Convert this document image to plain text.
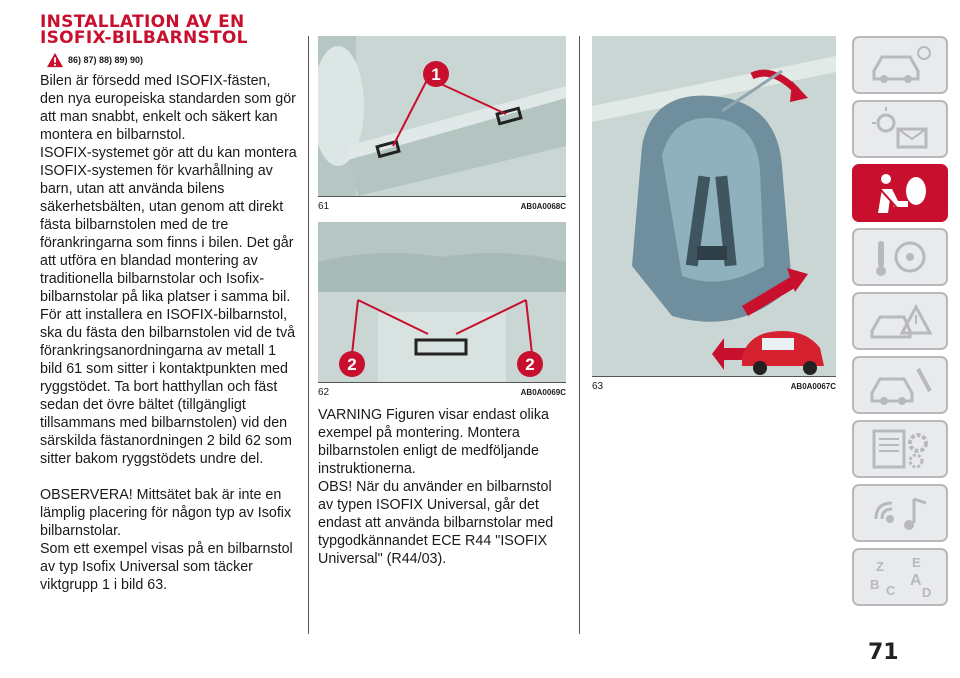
INSTALLATION AV EN
ISOFIX-BILBARNSTOL
86) 87) 88) 89) 90)

Bilen är försedd med ISOFIX-fästen, den nya europeiska standarden som gör att man snabbt, enkelt och säkert kan montera en bilbarnstol.

ISOFIX-systemet gör att du kan montera ISOFIX-systemen för kvarhållning av barn, utan att använda bilens säkerhetsbälten, utan genom att direkt fästa bilbarnstolen med de tre förankringarna som finns i bilen. Det går att utföra en blandad montering av traditionella bilbarnstolar och Isofix-bilbarnstolar på lika platser i samma bil.

För att installera en ISOFIX-bilbarnstol, ska du fästa den bilbarnstolen vid de två förankringsanordningarna av metall 1 bild 61 som sitter i kontaktpunkten med ryggstödet. Ta bort hatthyllan och fäst sedan det övre bältet (tillgängligt tillsammans med bilbarnstolen) vid den särskilda fästanordningen 2 bild 62 som sitter bakom ryggstödets undre del.

OBSERVERA! Mittsätet bak är inte en lämplig placering för någon typ av Isofix bilbarnstolar.

Som ett exempel visas på en bilbarnstol av typ Isofix Universal som täcker viktgrupp 1 i bild 63.

1
61	AB0A0068C
2	2
62	AB0A0069C

VARNING Figuren visar endast olika exempel på montering. Montera bilbarnstolen enligt de medföljande instruktionerna.

OBS! När du använder en bilbarnstol av typen ISOFIX Universal, går det endast att använda bilbarnstolar med typgodkännandet ECE R44 "ISOFIX Universal" (R44/03).

63	AB0A0067C
Z E
B A
C D
71
